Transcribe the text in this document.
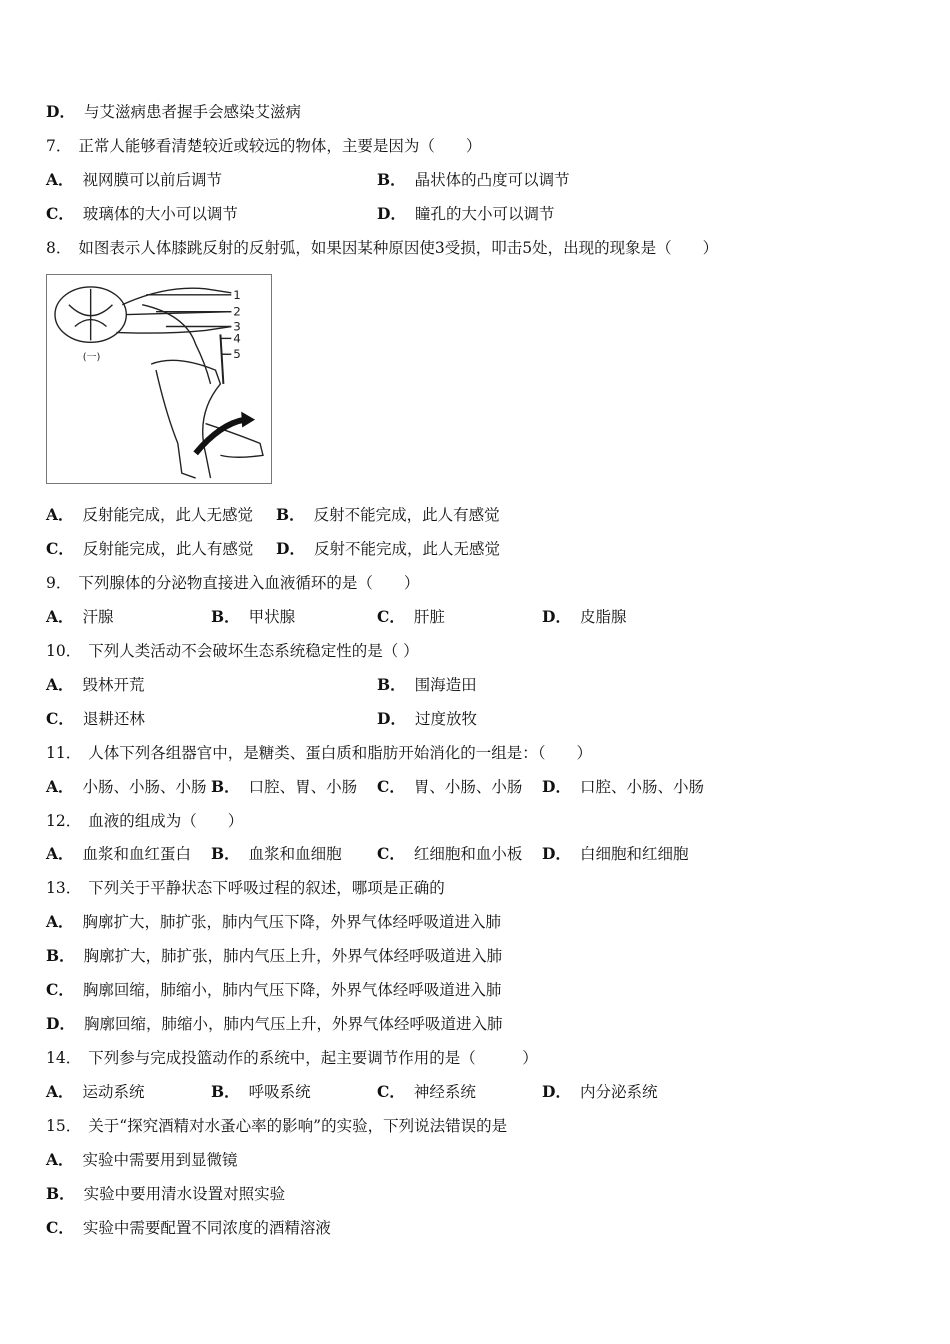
D． 与艾滋病患者握手会感染艾滋病
7． 正常人能够看清楚较近或较远的物体，主要是因为（　　）
A． 视网膜可以前后调节	B． 晶状体的凸度可以调节
C． 玻璃体的大小可以调节	D． 瞳孔的大小可以调节
8． 如图表示人体膝跳反射的反射弧，如果因某种原因使3受损，叩击5处，出现的现象是（　　）
1
2
3
4
5
(一)
A． 反射能完成，此人无感觉 B． 反射不能完成，此人有感觉
C． 反射能完成，此人有感觉 D． 反射不能完成，此人无感觉
9． 下列腺体的分泌物直接进入血液循环的是（　　）
A． 汗腺	B． 甲状腺	C． 肝脏	D． 皮脂腺
10． 下列人类活动不会破坏生态系统稳定性的是（ ）
A． 毁林开荒	B． 围海造田
C． 退耕还林	D． 过度放牧
11． 人体下列各组器官中，是糖类、蛋白质和脂肪开始消化的一组是：（　　）
A． 小肠、小肠、小肠 B． 口腔、胃、小肠 C． 胃、小肠、小肠 D． 口腔、小肠、小肠
12． 血液的组成为（　　）
A． 血浆和血红蛋白 B． 血浆和血细胞 C． 红细胞和血小板 D． 白细胞和红细胞
13． 下列关于平静状态下呼吸过程的叙述，哪项是正确的
A． 胸廓扩大，肺扩张，肺内气压下降，外界气体经呼吸道进入肺
B． 胸廓扩大，肺扩张，肺内气压上升，外界气体经呼吸道进入肺
C． 胸廓回缩，肺缩小，肺内气压下降，外界气体经呼吸道进入肺
D． 胸廓回缩，肺缩小，肺内气压上升，外界气体经呼吸道进入肺
14． 下列参与完成投篮动作的系统中，起主要调节作用的是（　　　）
A． 运动系统	B． 呼吸系统	C． 神经系统	D． 内分泌系统
15． 关于“探究酒精对水蚤心率的影响”的实验，下列说法错误的是
A． 实验中需要用到显微镜
B． 实验中要用清水设置对照实验
C． 实验中需要配置不同浓度的酒精溶液
